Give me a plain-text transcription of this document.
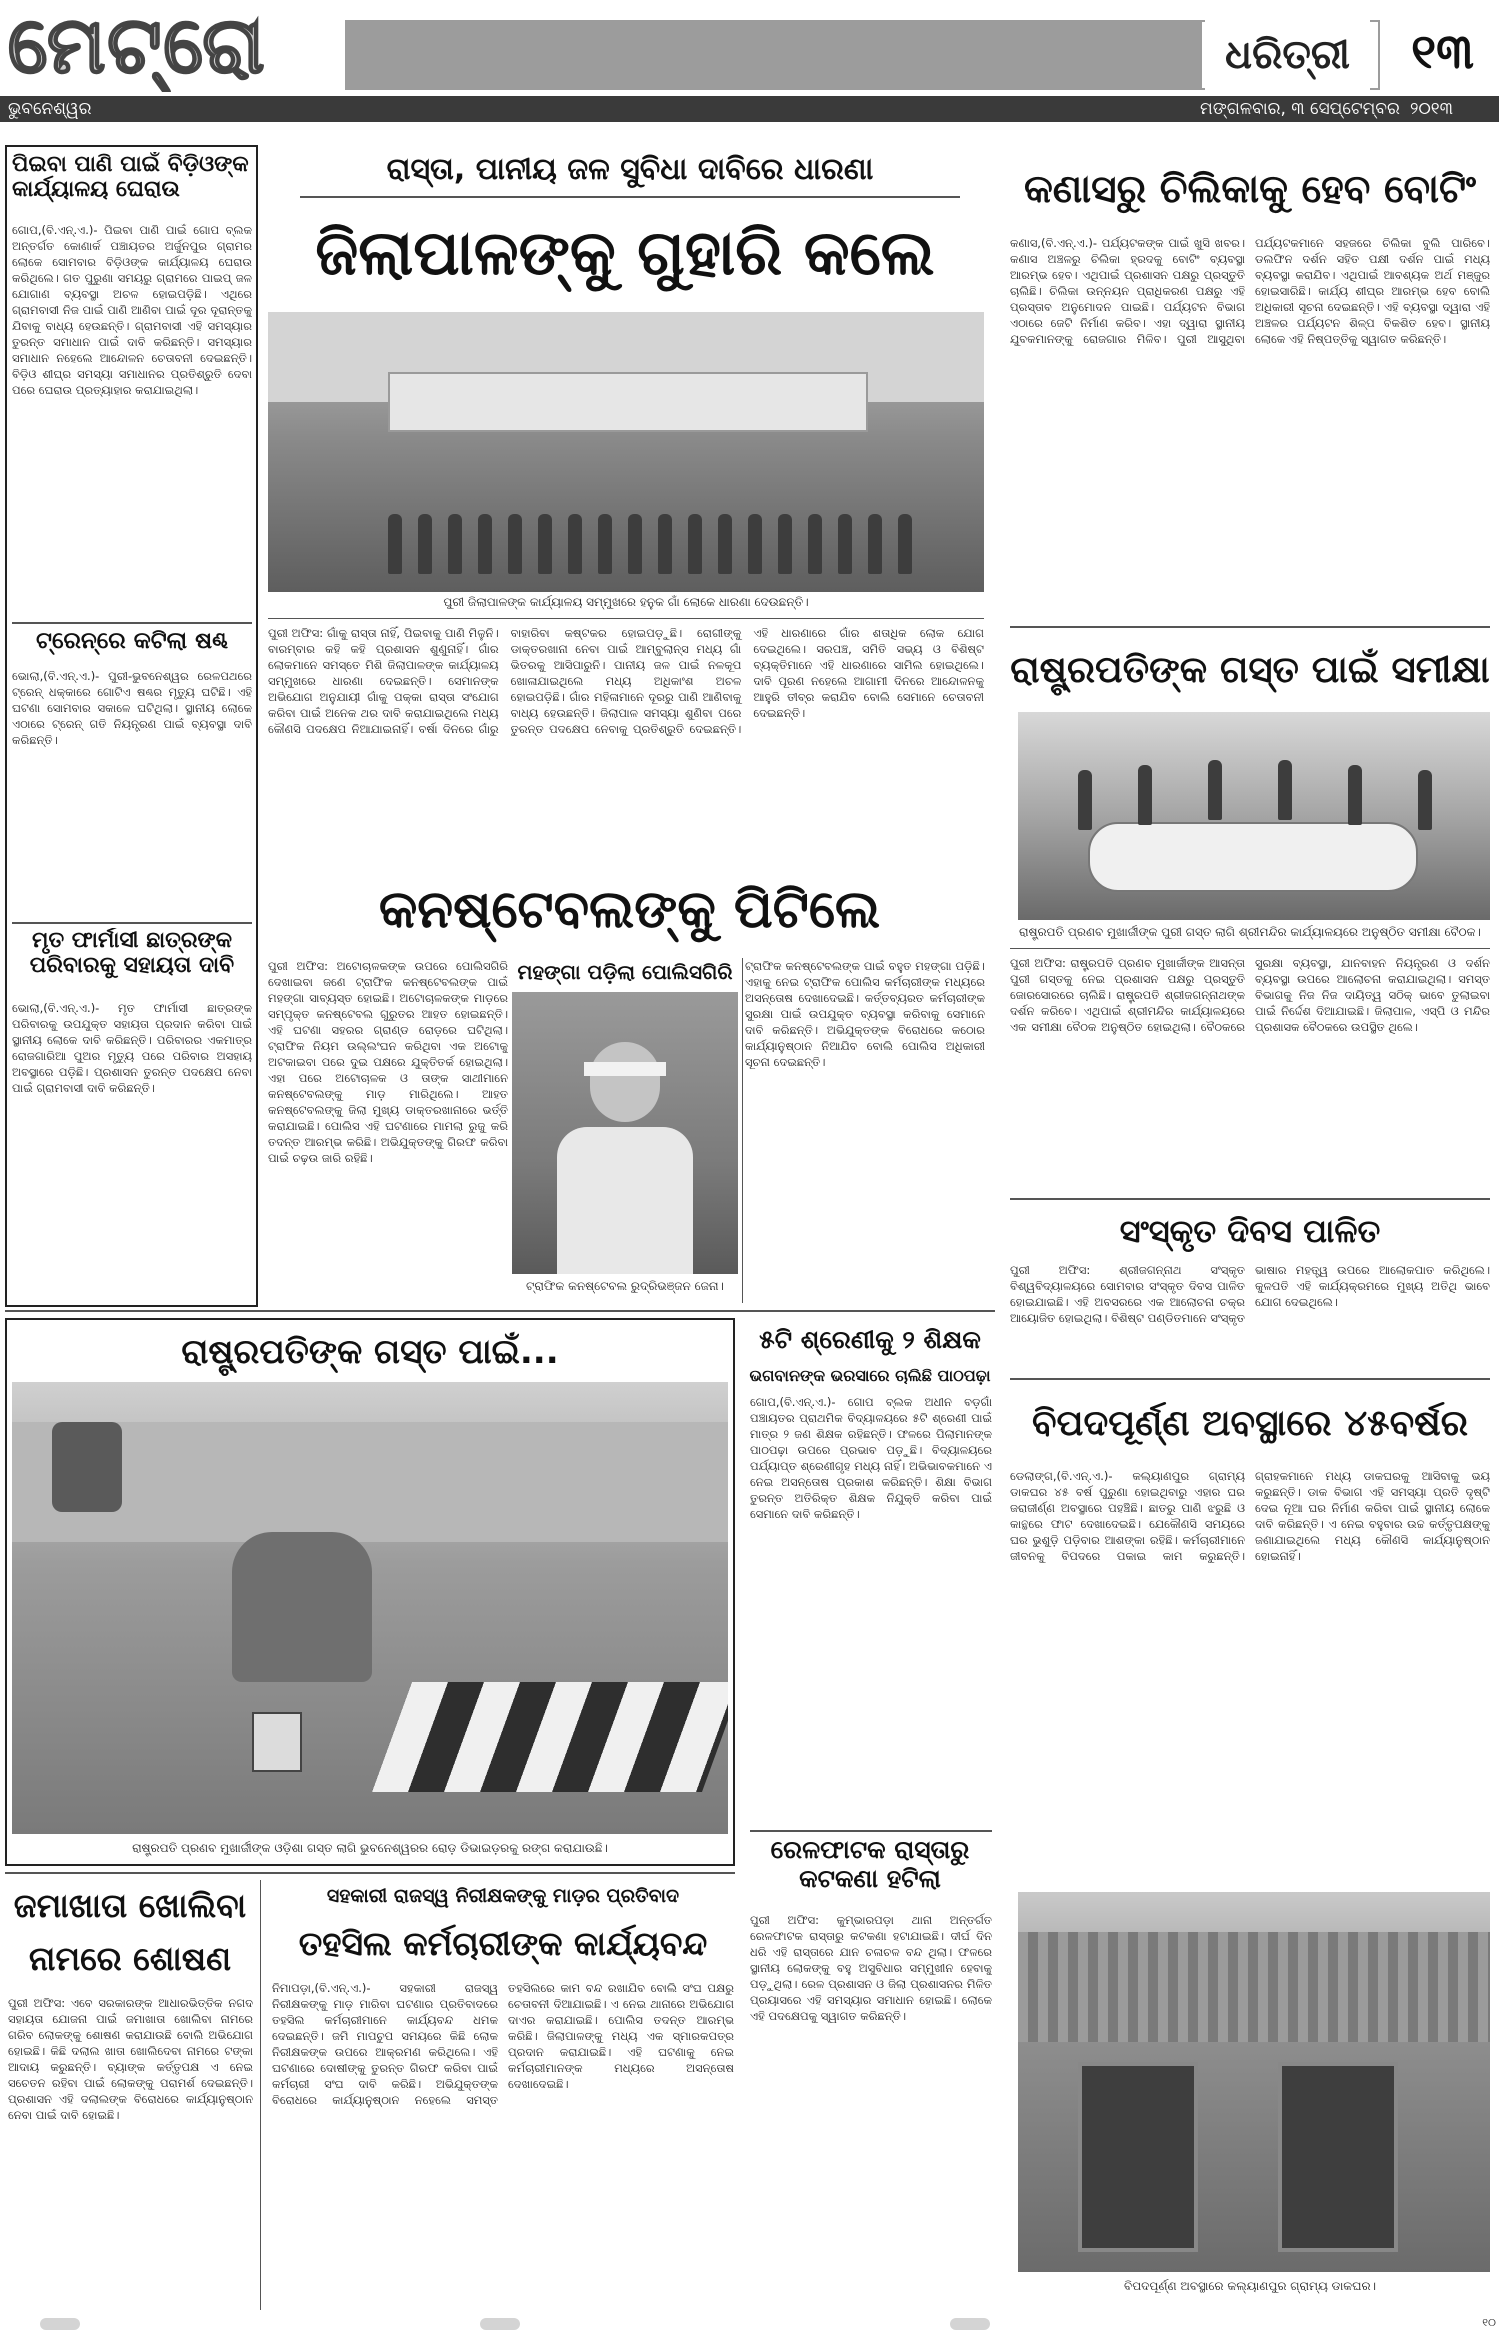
ମେଟ୍ରୋ	ଧରିତ୍ରୀ	୧୩
ଭୁବନେଶ୍ୱର	ମଙ୍ଗଳବାର, ୩ ସେପ୍ଟେମ୍ବର ୨୦୧୩
ପିଇବା ପାଣି ପାଇଁ ବିଡ଼ିଓଙ୍କ କାର୍ଯ୍ୟାଳୟ ଘେରାଉ
ଗୋପ,(ବି.ଏନ୍.ଏ.)- ପିଇବା ପାଣି ପାଇଁ ଗୋପ ବ୍ଲକ ଅନ୍ତର୍ଗତ କୋଣାର୍କ ପଞ୍ଚାୟତର ଅର୍ଜୁନପୁର ଗ୍ରାମର ଲୋକେ ସୋମବାର ବିଡ଼ିଓଙ୍କ କାର୍ଯ୍ୟାଳୟ ଘେରାଉ କରିଥିଲେ। ଗତ ପୁରୁଣା ସମୟରୁ ଗ୍ରାମରେ ପାଇପ୍ ଜଳ ଯୋଗାଣ ବ୍ୟବସ୍ଥା ଅଚଳ ହୋଇପଡ଼ିଛି। ଏଥିରେ ଗ୍ରାମବାସୀ ନିଜ ପାଇଁ ପାଣି ଆଣିବା ପାଇଁ ଦୂର ଦୂରାନ୍ତକୁ ଯିବାକୁ ବାଧ୍ୟ ହେଉଛନ୍ତି। ଗ୍ରାମବାସୀ ଏହି ସମସ୍ୟାର ତୁରନ୍ତ ସମାଧାନ ପାଇଁ ଦାବି କରିଛନ୍ତି। ସମସ୍ୟାର ସମାଧାନ ନହେଲେ ଆନ୍ଦୋଳନ ଚେତାବନୀ ଦେଇଛନ୍ତି। ବିଡ଼ିଓ ଶୀଘ୍ର ସମସ୍ୟା ସମାଧାନର ପ୍ରତିଶ୍ରୁତି ଦେବା ପରେ ଘେରାଉ ପ୍ରତ୍ୟାହାର କରାଯାଇଥିଲା।
ଟ୍ରେନ୍‌ରେ କଟିଲା ଷଣ୍ଢ
ଭୋଲା,(ବି.ଏନ୍.ଏ.)- ପୁରୀ-ଭୁବନେଶ୍ୱର ରେଳପଥରେ ଟ୍ରେନ୍ ଧକ୍କାରେ ଗୋଟିଏ ଷଣ୍ଢର ମୃତ୍ୟୁ ଘଟିଛି। ଏହି ଘଟଣା ସୋମବାର ସକାଳେ ଘଟିଥିଲା। ସ୍ଥାନୀୟ ଲୋକେ ଏଠାରେ ଟ୍ରେନ୍ ଗତି ନିୟନ୍ତ୍ରଣ ପାଇଁ ବ୍ୟବସ୍ଥା ଦାବି କରିଛନ୍ତି।
ମୃତ ଫାର୍ମାସୀ ଛାତ୍ରଙ୍କ ପରିବାରକୁ ସହାୟତା ଦାବି
ଭୋଲା,(ବି.ଏନ୍.ଏ.)- ମୃତ ଫାର୍ମାସୀ ଛାତ୍ରଙ୍କ ପରିବାରକୁ ଉପଯୁକ୍ତ ସହାୟତା ପ୍ରଦାନ କରିବା ପାଇଁ ସ୍ଥାନୀୟ ଲୋକେ ଦାବି କରିଛନ୍ତି। ପରିବାରର ଏକମାତ୍ର ରୋଜଗାରିଆ ପୁଅର ମୃତ୍ୟୁ ପରେ ପରିବାର ଅସହାୟ ଅବସ୍ଥାରେ ପଡ଼ିଛି। ପ୍ରଶାସନ ତୁରନ୍ତ ପଦକ୍ଷେପ ନେବା ପାଇଁ ଗ୍ରାମବାସୀ ଦାବି କରିଛନ୍ତି।
ରାସ୍ତା, ପାନୀୟ ଜଳ ସୁବିଧା ଦାବିରେ ଧାରଣା
ଜିଲାପାଳଙ୍କୁ ଗୁହାରି କଲେ
ପୁରୀ ଜିଲାପାଳଙ୍କ କାର୍ଯ୍ୟାଳୟ ସମ୍ମୁଖରେ ହନୁକ ଗାଁ ଲୋକେ ଧାରଣା ଦେଉଛନ୍ତି।
ପୁରୀ ଅଫିସ: ଗାଁକୁ ରାସ୍ତା ନାହିଁ, ପିଇବାକୁ ପାଣି ମିଳୁନି। ବାରମ୍ବାର କହି କହି ପ୍ରଶାସନ ଶୁଣୁନାହିଁ। ଗାଁର ଲୋକମାନେ ସମସ୍ତେ ମିଶି ଜିଲାପାଳଙ୍କ କାର୍ଯ୍ୟାଳୟ ସମ୍ମୁଖରେ ଧାରଣା ଦେଇଛନ୍ତି। ସେମାନଙ୍କ ଅଭିଯୋଗ ଅନୁଯାୟୀ ଗାଁକୁ ପକ୍କା ରାସ୍ତା ସଂଯୋଗ କରିବା ପାଇଁ ଅନେକ ଥର ଦାବି କରାଯାଇଥିଲେ ମଧ୍ୟ କୌଣସି ପଦକ୍ଷେପ ନିଆଯାଇନାହିଁ। ବର୍ଷା ଦିନରେ ଗାଁରୁ ବାହାରିବା କଷ୍ଟକର ହୋଇପଡ଼ୁଛି। ରୋଗୀଙ୍କୁ ଡାକ୍ତରଖାନା ନେବା ପାଇଁ ଆମ୍ବୁଲାନ୍ସ ମଧ୍ୟ ଗାଁ ଭିତରକୁ ଆସିପାରୁନି। ପାନୀୟ ଜଳ ପାଇଁ ନଳକୂପ ଖୋଳାଯାଇଥିଲେ ମଧ୍ୟ ଅଧିକାଂଶ ଅଚଳ ହୋଇପଡ଼ିଛି। ଗାଁର ମହିଳାମାନେ ଦୂରରୁ ପାଣି ଆଣିବାକୁ ବାଧ୍ୟ ହେଉଛନ୍ତି। ଜିଲାପାଳ ସମସ୍ୟା ଶୁଣିବା ପରେ ତୁରନ୍ତ ପଦକ୍ଷେପ ନେବାକୁ ପ୍ରତିଶ୍ରୁତି ଦେଇଛନ୍ତି। ଏହି ଧାରଣାରେ ଗାଁର ଶତାଧିକ ଲୋକ ଯୋଗ ଦେଇଥିଲେ। ସରପଞ୍ଚ, ସମିତି ସଭ୍ୟ ଓ ବିଶିଷ୍ଟ ବ୍ୟକ୍ତିମାନେ ଏହି ଧାରଣାରେ ସାମିଲ ହୋଇଥିଲେ। ଦାବି ପୂରଣ ନହେଲେ ଆଗାମୀ ଦିନରେ ଆନ୍ଦୋଳନକୁ ଆହୁରି ତୀବ୍ର କରାଯିବ ବୋଲି ସେମାନେ ଚେତାବନୀ ଦେଇଛନ୍ତି।
କଣାସରୁ ଚିଲିକାକୁ ହେବ ବୋଟିଂ
କଣାସ,(ବି.ଏନ୍.ଏ.)- ପର୍ଯ୍ୟଟକଙ୍କ ପାଇଁ ଖୁସି ଖବର। କଣାସ ଅଞ୍ଚଳରୁ ଚିଲିକା ହ୍ରଦକୁ ବୋଟିଂ ବ୍ୟବସ୍ଥା ଆରମ୍ଭ ହେବ। ଏଥିପାଇଁ ପ୍ରଶାସନ ପକ୍ଷରୁ ପ୍ରସ୍ତୁତି ଚାଲିଛି। ଚିଲିକା ଉନ୍ନୟନ ପ୍ରାଧିକରଣ ପକ୍ଷରୁ ଏହି ପ୍ରସ୍ତାବ ଅନୁମୋଦନ ପାଇଛି। ପର୍ଯ୍ୟଟନ ବିଭାଗ ଏଠାରେ ଜେଟି ନିର୍ମାଣ କରିବ। ଏହା ଦ୍ୱାରା ସ୍ଥାନୀୟ ଯୁବକମାନଙ୍କୁ ରୋଜଗାର ମିଳିବ। ପୁରୀ ଆସୁଥିବା ପର୍ଯ୍ୟଟକମାନେ ସହଜରେ ଚିଲିକା ବୁଲି ପାରିବେ। ଡଲଫିନ ଦର୍ଶନ ସହିତ ପକ୍ଷୀ ଦର୍ଶନ ପାଇଁ ମଧ୍ୟ ବ୍ୟବସ୍ଥା କରାଯିବ। ଏଥିପାଇଁ ଆବଶ୍ୟକ ଅର୍ଥ ମଞ୍ଜୁର ହୋଇସାରିଛି। କାର୍ଯ୍ୟ ଶୀଘ୍ର ଆରମ୍ଭ ହେବ ବୋଲି ଅଧିକାରୀ ସୂଚନା ଦେଇଛନ୍ତି। ଏହି ବ୍ୟବସ୍ଥା ଦ୍ୱାରା ଏହି ଅଞ୍ଚଳର ପର୍ଯ୍ୟଟନ ଶିଳ୍ପ ବିକଶିତ ହେବ। ସ୍ଥାନୀୟ ଲୋକେ ଏହି ନିଷ୍ପତ୍ତିକୁ ସ୍ୱାଗତ କରିଛନ୍ତି।
ରାଷ୍ଟ୍ରପତିଙ୍କ ଗସ୍ତ ପାଇଁ ସମୀକ୍ଷା
ରାଷ୍ଟ୍ରପତି ପ୍ରଣବ ମୁଖାର୍ଜୀଙ୍କ ପୁରୀ ଗସ୍ତ ଲାଗି ଶ୍ରୀମନ୍ଦିର କାର୍ଯ୍ୟାଳୟରେ ଅନୁଷ୍ଠିତ ସମୀକ୍ଷା ବୈଠକ।
ପୁରୀ ଅଫିସ: ରାଷ୍ଟ୍ରପତି ପ୍ରଣବ ମୁଖାର୍ଜୀଙ୍କ ଆସନ୍ତା ପୁରୀ ଗସ୍ତକୁ ନେଇ ପ୍ରଶାସନ ପକ୍ଷରୁ ପ୍ରସ୍ତୁତି ଜୋରସୋରରେ ଚାଲିଛି। ରାଷ୍ଟ୍ରପତି ଶ୍ରୀଜଗନ୍ନାଥଙ୍କ ଦର୍ଶନ କରିବେ। ଏଥିପାଇଁ ଶ୍ରୀମନ୍ଦିର କାର୍ଯ୍ୟାଳୟରେ ଏକ ସମୀକ୍ଷା ବୈଠକ ଅନୁଷ୍ଠିତ ହୋଇଥିଲା। ବୈଠକରେ ସୁରକ୍ଷା ବ୍ୟବସ୍ଥା, ଯାନବାହନ ନିୟନ୍ତ୍ରଣ ଓ ଦର୍ଶନ ବ୍ୟବସ୍ଥା ଉପରେ ଆଲୋଚନା କରାଯାଇଥିଲା। ସମସ୍ତ ବିଭାଗକୁ ନିଜ ନିଜ ଦାୟିତ୍ୱ ସଠିକ୍ ଭାବେ ତୁଲାଇବା ପାଇଁ ନିର୍ଦ୍ଦେଶ ଦିଆଯାଇଛି। ଜିଲାପାଳ, ଏସ୍ପି ଓ ମନ୍ଦିର ପ୍ରଶାସକ ବୈଠକରେ ଉପସ୍ଥିତ ଥିଲେ।
ସଂସ୍କୃତ ଦିବସ ପାଳିତ
ପୁରୀ ଅଫିସ: ଶ୍ରୀଜଗନ୍ନାଥ ସଂସ୍କୃତ ବିଶ୍ୱବିଦ୍ୟାଳୟରେ ସୋମବାର ସଂସ୍କୃତ ଦିବସ ପାଳିତ ହୋଇଯାଇଛି। ଏହି ଅବସରରେ ଏକ ଆଲୋଚନା ଚକ୍ର ଆୟୋଜିତ ହୋଇଥିଲା। ବିଶିଷ୍ଟ ପଣ୍ଡିତମାନେ ସଂସ୍କୃତ ଭାଷାର ମହତ୍ତ୍ୱ ଉପରେ ଆଲୋକପାତ କରିଥିଲେ। କୁଳପତି ଏହି କାର୍ଯ୍ୟକ୍ରମରେ ମୁଖ୍ୟ ଅତିଥି ଭାବେ ଯୋଗ ଦେଇଥିଲେ।
କନଷ୍ଟେବଲଙ୍କୁ ପିଟିଲେ
ପୁରୀ ଅଫିସ: ଅଟୋଚାଳକଙ୍କ ଉପରେ ପୋଲିସଗିରି ଦେଖାଇବା ଜଣେ ଟ୍ରାଫିକ କନଷ୍ଟେବଲଙ୍କ ପାଇଁ ମହଙ୍ଗା ସାବ୍ୟସ୍ତ ହୋଇଛି। ଅଟୋଚାଳକଙ୍କ ମାଡ଼ରେ ସମ୍ପୃକ୍ତ କନଷ୍ଟେବଲ ଗୁରୁତର ଆହତ ହୋଇଛନ୍ତି। ଏହି ଘଟଣା ସହରର ଗ୍ରାଣ୍ଡ ରୋଡ଼ରେ ଘଟିଥିଲା। ଟ୍ରାଫିକ ନିୟମ ଉଲ୍ଲଂଘନ କରିଥିବା ଏକ ଅଟୋକୁ ଅଟକାଇବା ପରେ ଦୁଇ ପକ୍ଷରେ ଯୁକ୍ତିତର୍କ ହୋଇଥିଲା। ଏହା ପରେ ଅଟୋଚାଳକ ଓ ତାଙ୍କ ସାଥୀମାନେ କନଷ୍ଟେବଲଙ୍କୁ ମାଡ଼ ମାରିଥିଲେ। ଆହତ କନଷ୍ଟେବଲଙ୍କୁ ଜିଲା ମୁଖ୍ୟ ଡାକ୍ତରଖାନାରେ ଭର୍ତ୍ତି କରାଯାଇଛି। ପୋଲିସ ଏହି ଘଟଣାରେ ମାମଲା ରୁଜୁ କରି ତଦନ୍ତ ଆରମ୍ଭ କରିଛି। ଅଭିଯୁକ୍ତଙ୍କୁ ଗିରଫ କରିବା ପାଇଁ ଚଢ଼ଉ ଜାରି ରହିଛି।
ମହଙ୍ଗା ପଡ଼ିଲା ପୋଲିସଗିରି
ଟ୍ରାଫିକ କନଷ୍ଟେବଲ ରୁଦ୍ରିଭଞ୍ଜନ ଜେନା।
ଟ୍ରାଫିକ କନଷ୍ଟେବଲଙ୍କ ପାଇଁ ବହୁତ ମହଙ୍ଗା ପଡ଼ିଛି। ଏହାକୁ ନେଇ ଟ୍ରାଫିକ ପୋଲିସ କର୍ମଚାରୀଙ୍କ ମଧ୍ୟରେ ଅସନ୍ତୋଷ ଦେଖାଦେଇଛି। କର୍ତ୍ତବ୍ୟରତ କର୍ମଚାରୀଙ୍କ ସୁରକ୍ଷା ପାଇଁ ଉପଯୁକ୍ତ ବ୍ୟବସ୍ଥା କରିବାକୁ ସେମାନେ ଦାବି କରିଛନ୍ତି। ଅଭିଯୁକ୍ତଙ୍କ ବିରୋଧରେ କଠୋର କାର୍ଯ୍ୟାନୁଷ୍ଠାନ ନିଆଯିବ ବୋଲି ପୋଲିସ ଅଧିକାରୀ ସୂଚନା ଦେଇଛନ୍ତି।
ରାଷ୍ଟ୍ରପତିଙ୍କ ଗସ୍ତ ପାଇଁ...
ରାଷ୍ଟ୍ରପତି ପ୍ରଣବ ମୁଖାର୍ଜୀଙ୍କ ଓଡ଼ିଶା ଗସ୍ତ ଲାଗି ଭୁବନେଶ୍ୱରର ରୋଡ଼ ଡିଭାଇଡ଼ରକୁ ରଙ୍ଗ କରାଯାଉଛି।
୫ଟି ଶ୍ରେଣୀକୁ ୨ ଶିକ୍ଷକ
ଭଗବାନଙ୍କ ଭରସାରେ ଚାଲିଛି ପାଠପଢ଼ା
ଗୋପ,(ବି.ଏନ୍.ଏ.)- ଗୋପ ବ୍ଲକ ଅଧୀନ ବଡ଼ଗାଁ ପଞ୍ଚାୟତର ପ୍ରାଥମିକ ବିଦ୍ୟାଳୟରେ ୫ଟି ଶ୍ରେଣୀ ପାଇଁ ମାତ୍ର ୨ ଜଣ ଶିକ୍ଷକ ରହିଛନ୍ତି। ଫଳରେ ପିଲାମାନଙ୍କ ପାଠପଢ଼ା ଉପରେ ପ୍ରଭାବ ପଡ଼ୁଛି। ବିଦ୍ୟାଳୟରେ ପର୍ଯ୍ୟାପ୍ତ ଶ୍ରେଣୀଗୃହ ମଧ୍ୟ ନାହିଁ। ଅଭିଭାବକମାନେ ଏ ନେଇ ଅସନ୍ତୋଷ ପ୍ରକାଶ କରିଛନ୍ତି। ଶିକ୍ଷା ବିଭାଗ ତୁରନ୍ତ ଅତିରିକ୍ତ ଶିକ୍ଷକ ନିଯୁକ୍ତି କରିବା ପାଇଁ ସେମାନେ ଦାବି କରିଛନ୍ତି।
ରେଳଫାଟକ ରାସ୍ତାରୁ କଟକଣା ହଟିଲା
ପୁରୀ ଅଫିସ: କୁମ୍ଭାରପଡ଼ା ଥାନା ଅନ୍ତର୍ଗତ ରେଳଫାଟକ ରାସ୍ତାରୁ କଟକଣା ହଟାଯାଇଛି। ଦୀର୍ଘ ଦିନ ଧରି ଏହି ରାସ୍ତାରେ ଯାନ ଚଳାଚଳ ବନ୍ଦ ଥିଲା। ଫଳରେ ସ୍ଥାନୀୟ ଲୋକଙ୍କୁ ବହୁ ଅସୁବିଧାର ସମ୍ମୁଖୀନ ହେବାକୁ ପଡ଼ୁଥିଲା। ରେଳ ପ୍ରଶାସନ ଓ ଜିଲା ପ୍ରଶାସନର ମିଳିତ ପ୍ରୟାସରେ ଏହି ସମସ୍ୟାର ସମାଧାନ ହୋଇଛି। ଲୋକେ ଏହି ପଦକ୍ଷେପକୁ ସ୍ୱାଗତ କରିଛନ୍ତି।
ବିପଦପୂର୍ଣ୍ଣ ଅବସ୍ଥାରେ ୪୫ବର୍ଷର
ଡେଲାଙ୍ଗ,(ବି.ଏନ୍.ଏ.)- କଲ୍ୟାଣପୁର ଗ୍ରାମ୍ୟ ଡାକଘର ୪୫ ବର୍ଷ ପୁରୁଣା ହୋଇଥିବାରୁ ଏହାର ଘର ଜରାଜୀର୍ଣ୍ଣ ଅବସ୍ଥାରେ ପହଞ୍ଚିଛି। ଛାତରୁ ପାଣି ଝରୁଛି ଓ କାନ୍ଥରେ ଫାଟ ଦେଖାଦେଇଛି। ଯେକୌଣସି ସମୟରେ ଘର ଭୁଶୁଡ଼ି ପଡ଼ିବାର ଆଶଙ୍କା ରହିଛି। କର୍ମଚାରୀମାନେ ଜୀବନକୁ ବିପଦରେ ପକାଇ କାମ କରୁଛନ୍ତି। ଗ୍ରାହକମାନେ ମଧ୍ୟ ଡାକଘରକୁ ଆସିବାକୁ ଭୟ କରୁଛନ୍ତି। ଡାକ ବିଭାଗ ଏହି ସମସ୍ୟା ପ୍ରତି ଦୃଷ୍ଟି ଦେଇ ନୂଆ ଘର ନିର୍ମାଣ କରିବା ପାଇଁ ସ୍ଥାନୀୟ ଲୋକେ ଦାବି କରିଛନ୍ତି। ଏ ନେଇ ବହୁବାର ଉଚ୍ଚ କର୍ତ୍ତୃପକ୍ଷଙ୍କୁ ଜଣାଯାଇଥିଲେ ମଧ୍ୟ କୌଣସି କାର୍ଯ୍ୟାନୁଷ୍ଠାନ ହୋଇନାହିଁ।
ବିପଦପୂର୍ଣ୍ଣ ଅବସ୍ଥାରେ କଲ୍ୟାଣପୁର ଗ୍ରାମ୍ୟ ଡାକଘର।
ଜମାଖାତା ଖୋଲିବା ନାମରେ ଶୋଷଣ
ପୁରୀ ଅଫିସ: ଏବେ ସରକାରଙ୍କ ଆଧାରଭିତ୍ତିକ ନଗଦ ସହାୟତା ଯୋଜନା ପାଇଁ ଜମାଖାତା ଖୋଲିବା ନାମରେ ଗରିବ ଲୋକଙ୍କୁ ଶୋଷଣ କରାଯାଉଛି ବୋଲି ଅଭିଯୋଗ ହୋଇଛି। କିଛି ଦଲାଲ ଖାତା ଖୋଲିଦେବା ନାମରେ ଟଙ୍କା ଆଦାୟ କରୁଛନ୍ତି। ବ୍ୟାଙ୍କ କର୍ତ୍ତୃପକ୍ଷ ଏ ନେଇ ସଚେତନ ରହିବା ପାଇଁ ଲୋକଙ୍କୁ ପରାମର୍ଶ ଦେଇଛନ୍ତି। ପ୍ରଶାସନ ଏହି ଦଲାଲଙ୍କ ବିରୋଧରେ କାର୍ଯ୍ୟାନୁଷ୍ଠାନ ନେବା ପାଇଁ ଦାବି ହୋଇଛି।
ସହକାରୀ ରାଜସ୍ୱ ନିରୀକ୍ଷକଙ୍କୁ ମାଡ଼ର ପ୍ରତିବାଦ
ତହସିଲ କର୍ମଚାରୀଙ୍କ କାର୍ଯ୍ୟବନ୍ଦ
ନିମାପଡ଼ା,(ବି.ଏନ୍.ଏ.)- ସହକାରୀ ରାଜସ୍ୱ ନିରୀକ୍ଷକଙ୍କୁ ମାଡ଼ ମାରିବା ଘଟଣାର ପ୍ରତିବାଦରେ ତହସିଲ କର୍ମଚାରୀମାନେ କାର୍ଯ୍ୟବନ୍ଦ ଧମକ ଦେଇଛନ୍ତି। ଜମି ମାପଚୁପ ସମୟରେ କିଛି ଲୋକ ନିରୀକ୍ଷକଙ୍କ ଉପରେ ଆକ୍ରମଣ କରିଥିଲେ। ଏହି ଘଟଣାରେ ଦୋଷୀଙ୍କୁ ତୁରନ୍ତ ଗିରଫ କରିବା ପାଇଁ କର୍ମଚାରୀ ସଂଘ ଦାବି କରିଛି। ଅଭିଯୁକ୍ତଙ୍କ ବିରୋଧରେ କାର୍ଯ୍ୟାନୁଷ୍ଠାନ ନହେଲେ ସମସ୍ତ ତହସିଲରେ କାମ ବନ୍ଦ ରଖାଯିବ ବୋଲି ସଂଘ ପକ୍ଷରୁ ଚେତାବନୀ ଦିଆଯାଇଛି। ଏ ନେଇ ଥାନାରେ ଅଭିଯୋଗ ଦାଏର କରାଯାଇଛି। ପୋଲିସ ତଦନ୍ତ ଆରମ୍ଭ କରିଛି। ଜିଲାପାଳଙ୍କୁ ମଧ୍ୟ ଏକ ସ୍ମାରକପତ୍ର ପ୍ରଦାନ କରାଯାଇଛି। ଏହି ଘଟଣାକୁ ନେଇ କର୍ମଚାରୀମାନଙ୍କ ମଧ୍ୟରେ ଅସନ୍ତୋଷ ଦେଖାଦେଇଛି।
୧୦
